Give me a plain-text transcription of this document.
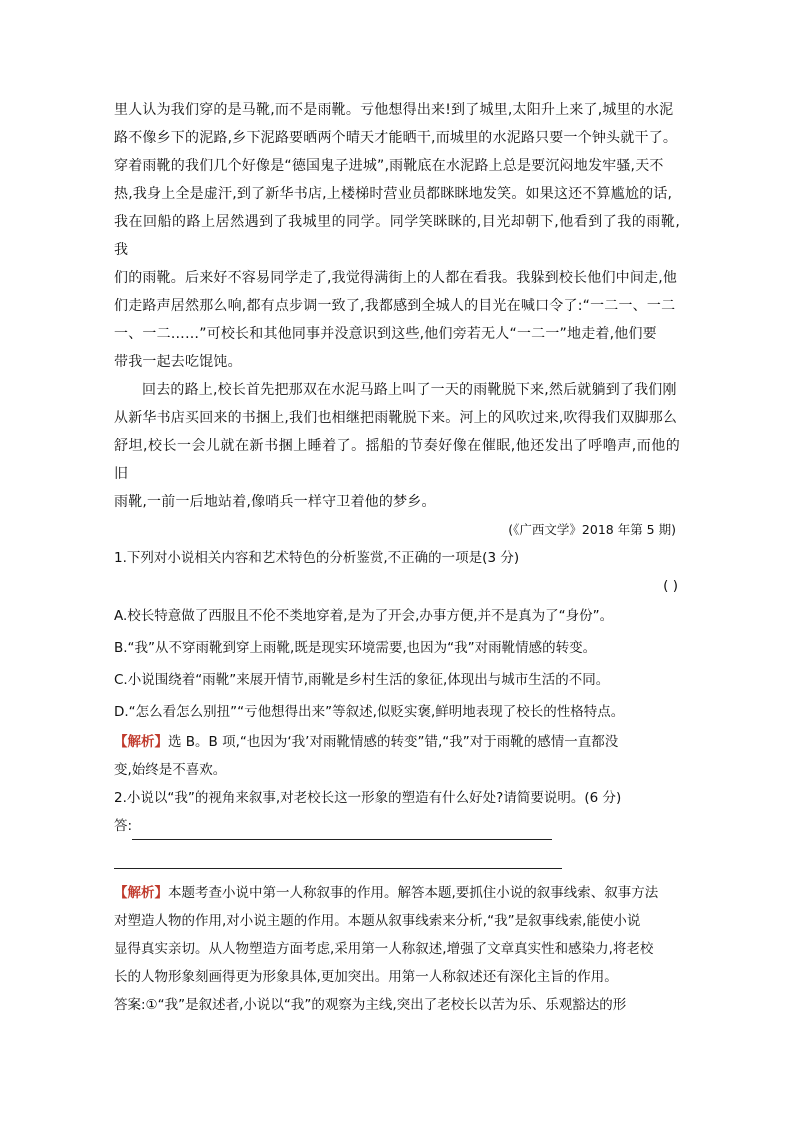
里人认为我们穿的是马靴,而不是雨靴。亏他想得出来!到了城里,太阳升上来了,城里的水泥

路不像乡下的泥路,乡下泥路要晒两个晴天才能晒干,而城里的水泥路只要一个钟头就干了。

穿着雨靴的我们几个好像是“德国鬼子进城”,雨靴底在水泥路上总是要沉闷地发牢骚,天不

热,我身上全是虚汗,到了新华书店,上楼梯时营业员都眯眯地发笑。如果这还不算尴尬的话,

我在回船的路上居然遇到了我城里的同学。同学笑眯眯的,目光却朝下,他看到了我的雨靴,我

们的雨靴。后来好不容易同学走了,我觉得满街上的人都在看我。我躲到校长他们中间走,他

们走路声居然那么响,都有点步调一致了,我都感到全城人的目光在喊口令了:“一二一、一二

一、一二……”可校长和其他同事并没意识到这些,他们旁若无人“一二一”地走着,他们要

带我一起去吃馄饨。

回去的路上,校长首先把那双在水泥马路上叫了一天的雨靴脱下来,然后就躺到了我们刚

从新华书店买回来的书捆上,我们也相继把雨靴脱下来。河上的风吹过来,吹得我们双脚那么

舒坦,校长一会儿就在新书捆上睡着了。摇船的节奏好像在催眠,他还发出了呼噜声,而他的旧

雨靴,一前一后地站着,像哨兵一样守卫着他的梦乡。

(《广西文学》2018 年第 5 期)

1.下列对小说相关内容和艺术特色的分析鉴赏,不正确的一项是(3 分)

( )

A.校长特意做了西服且不伦不类地穿着,是为了开会,办事方便,并不是真为了“身份”。

B.“我”从不穿雨靴到穿上雨靴,既是现实环境需要,也因为“我”对雨靴情感的转变。

C.小说围绕着“雨靴”来展开情节,雨靴是乡村生活的象征,体现出与城市生活的不同。

D.“怎么看怎么别扭”“亏他想得出来”等叙述,似贬实褒,鲜明地表现了校长的性格特点。

【解析】选 B。B 项,“也因为‘我’对雨靴情感的转变”错,“我”对于雨靴的感情一直都没

变,始终是不喜欢。

2.小说以“我”的视角来叙事,对老校长这一形象的塑造有什么好处?请简要说明。(6 分)

答:

【解析】本题考查小说中第一人称叙事的作用。解答本题,要抓住小说的叙事线索、叙事方法

对塑造人物的作用,对小说主题的作用。本题从叙事线索来分析,“我”是叙事线索,能使小说

显得真实亲切。从人物塑造方面考虑,采用第一人称叙述,增强了文章真实性和感染力,将老校

长的人物形象刻画得更为形象具体,更加突出。用第一人称叙述还有深化主旨的作用。

答案:①“我”是叙述者,小说以“我”的观察为主线,突出了老校长以苦为乐、乐观豁达的形
